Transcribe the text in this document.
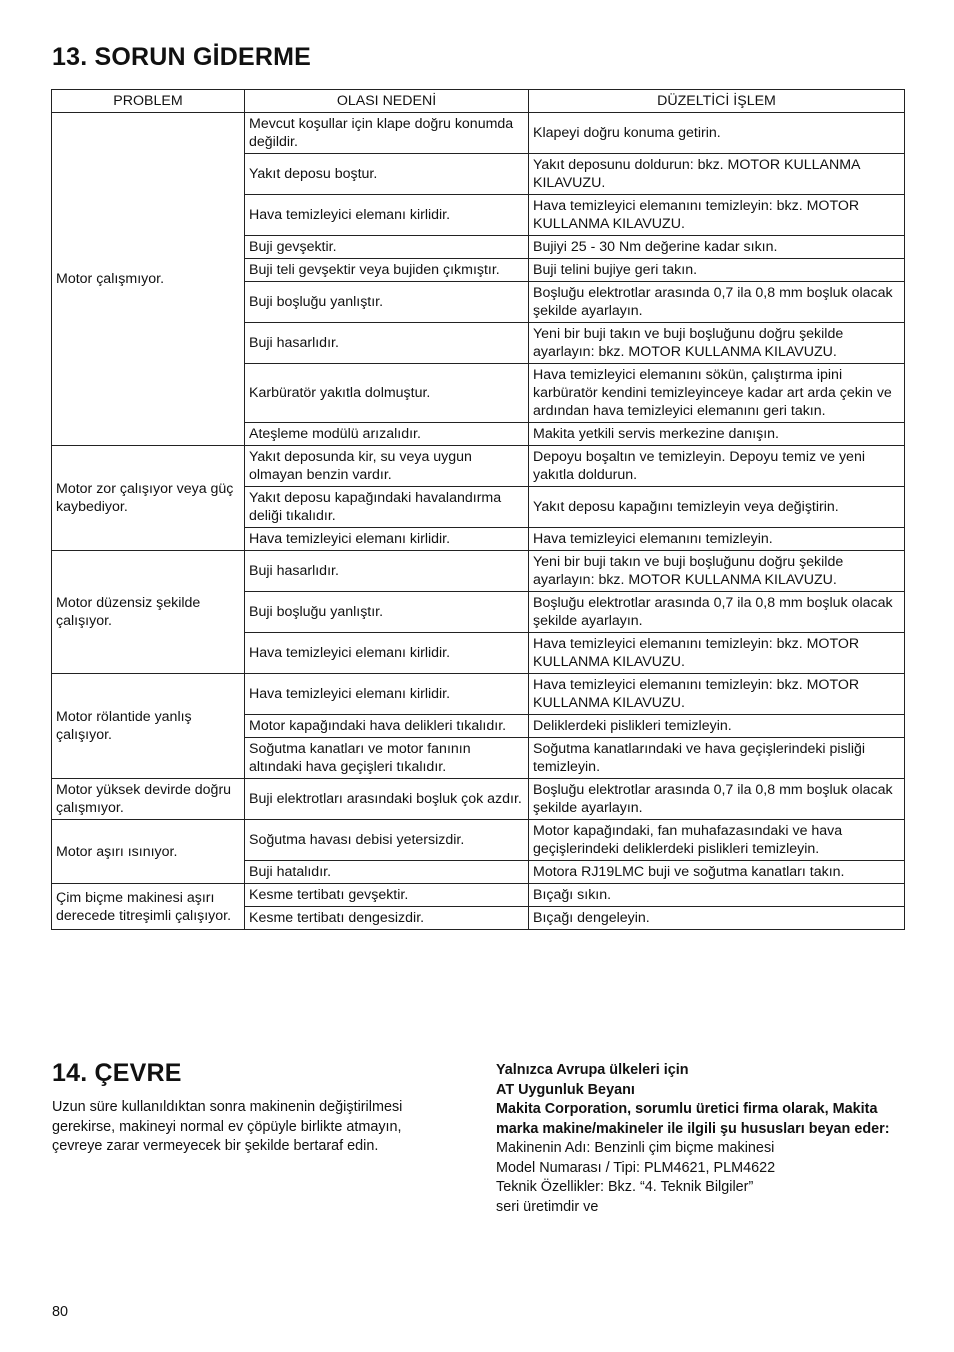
13. SORUN GİDERME
PROBLEM	OLASI NEDENİ	DÜZELTİCİ İŞLEM
Motor çalışmıyor.	Mevcut koşullar için klape doğru konumda değildir.	Klapeyi doğru konuma getirin.
	Yakıt deposu boştur.	Yakıt deposunu doldurun: bkz. MOTOR KULLANMA KILAVUZU.
	Hava temizleyici elemanı kirlidir.	Hava temizleyici elemanını temizleyin: bkz. MOTOR KULLANMA KILAVUZU.
	Buji gevşektir.	Bujiyi 25 - 30 Nm değerine kadar sıkın.
	Buji teli gevşektir veya bujiden çıkmıştır.	Buji telini bujiye geri takın.
	Buji boşluğu yanlıştır.	Boşluğu elektrotlar arasında 0,7 ila 0,8 mm boşluk olacak şekilde ayarlayın.
	Buji hasarlıdır.	Yeni bir buji takın ve buji boşluğunu doğru şekilde ayarlayın: bkz. MOTOR KULLANMA KILAVUZU.
	Karbüratör yakıtla dolmuştur.	Hava temizleyici elemanını sökün, çalıştırma ipini karbüratör kendini temizleyinceye kadar art arda çekin ve ardından hava temizleyici elemanını geri takın.
	Ateşleme modülü arızalıdır.	Makita yetkili servis merkezine danışın.
Motor zor çalışıyor veya güç kaybediyor.	Yakıt deposunda kir, su veya uygun olmayan benzin vardır.	Depoyu boşaltın ve temizleyin. Depoyu temiz ve yeni yakıtla doldurun.
	Yakıt deposu kapağındaki havalandırma deliği tıkalıdır.	Yakıt deposu kapağını temizleyin veya değiştirin.
	Hava temizleyici elemanı kirlidir.	Hava temizleyici elemanını temizleyin.
Motor düzensiz şekilde çalışıyor.	Buji hasarlıdır.	Yeni bir buji takın ve buji boşluğunu doğru şekilde ayarlayın: bkz. MOTOR KULLANMA KILAVUZU.
	Buji boşluğu yanlıştır.	Boşluğu elektrotlar arasında 0,7 ila 0,8 mm boşluk olacak şekilde ayarlayın.
	Hava temizleyici elemanı kirlidir.	Hava temizleyici elemanını temizleyin: bkz. MOTOR KULLANMA KILAVUZU.
Motor rölantide yanlış çalışıyor.	Hava temizleyici elemanı kirlidir.	Hava temizleyici elemanını temizleyin: bkz. MOTOR KULLANMA KILAVUZU.
	Motor kapağındaki hava delikleri tıkalıdır.	Deliklerdeki pislikleri temizleyin.
	Soğutma kanatları ve motor fanının altındaki hava geçişleri tıkalıdır.	Soğutma kanatlarındaki ve hava geçişlerindeki pisliği temizleyin.
Motor yüksek devirde doğru çalışmıyor.	Buji elektrotları arasındaki boşluk çok azdır.	Boşluğu elektrotlar arasında 0,7 ila 0,8 mm boşluk olacak şekilde ayarlayın.
Motor aşırı ısınıyor.	Soğutma havası debisi yetersizdir.	Motor kapağındaki, fan muhafazasındaki ve hava geçişlerindeki deliklerdeki pislikleri temizleyin.
	Buji hatalıdır.	Motora RJ19LMC buji ve soğutma kanatları takın.
Çim biçme makinesi aşırı derecede titreşimli çalışıyor.	Kesme tertibatı gevşektir.	Bıçağı sıkın.
	Kesme tertibatı dengesizdir.	Bıçağı dengeleyin.
14. ÇEVRE
Uzun süre kullanıldıktan sonra makinenin değiştirilmesi gerekirse, makineyi normal ev çöpüyle birlikte atmayın, çevreye zarar vermeyecek bir şekilde bertaraf edin.
Yalnızca Avrupa ülkeleri için
AT Uygunluk Beyanı
Makita Corporation, sorumlu üretici firma olarak, Makita marka makine/makineler ile ilgili şu hususları beyan eder:
Makinenin Adı: Benzinli çim biçme makinesi
Model Numarası / Tipi: PLM4621, PLM4622
Teknik Özellikler: Bkz. “4. Teknik Bilgiler”
seri üretimdir ve
80
